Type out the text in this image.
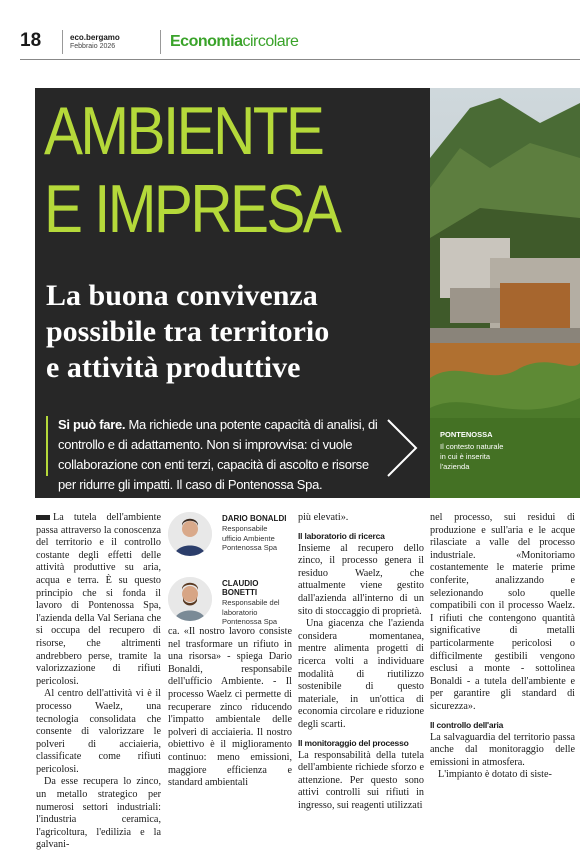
18	eco.bergamo
Febbraio 2026	Economiacircolare
AMBIENTE
E IMPRESA
La buona convivenza
possibile tra territorio
e attività produttive
Si può fare. Ma richiede una potente capacità di analisi, di controllo e di adattamento. Non si improvvisa: ci vuole collaborazione con enti terzi, capacità di ascolto e risorse per ridurre gli impatti. Il caso di Pontenossa Spa.
PONTENOSSA
Il contesto naturale in cui è inserita l'azienda

La tutela dell'ambiente passa attraverso la conoscenza del territorio e il controllo costante degli effetti delle attività produttive su aria, acqua e terra. È su questo principio che si fonda il lavoro di Pontenossa Spa, l'azienda della Val Seriana che si occupa del recupero di risorse, che altrimenti andrebbero perse, tramite la valorizzazione di rifiuti pericolosi.

Al centro dell'attività vi è il processo Waelz, una tecnologia consolidata che consente di valorizzare le polveri di acciaieria, classificate come rifiuti pericolosi.

Da esse recupera lo zinco, un metallo strategico per numerosi settori industriali: l'industria ceramica, l'agricoltura, l'edilizia e la galvani-

DARIO BONALDI
Responsabile ufficio Ambiente Pontenossa Spa
CLAUDIO
BONETTI
Responsabile del laboratorio Pontenossa Spa

ca. «Il nostro lavoro consiste nel trasformare un rifiuto in una risorsa» - spiega Dario Bonaldi, responsabile dell'ufficio Ambiente. - Il processo Waelz ci permette di recuperare zinco riducendo l'impatto ambientale delle polveri di acciaieria. Il nostro obiettivo è il miglioramento continuo: meno emissioni, maggiore efficienza e standard ambientali

più elevati».

Il laboratorio di ricerca

Insieme al recupero dello zinco, il processo genera il residuo Waelz, che attualmente viene gestito dall'azienda all'interno di un sito di stoccaggio di proprietà.

Una giacenza che l'azienda considera momentanea, mentre alimenta progetti di ricerca volti a individuare modalità di riutilizzo sostenibile di questo materiale, in un'ottica di economia circolare e riduzione degli scarti.

Il monitoraggio del processo

La responsabilità della tutela dell'ambiente richiede sforzo e attenzione. Per questo sono attivi controlli sui rifiuti in ingresso, sui reagenti utilizzati

nel processo, sui residui di produzione e sull'aria e le acque rilasciate a valle del processo industriale. «Monitoriamo costantemente le materie prime conferite, analizzando e selezionando solo quelle compatibili con il processo Waelz. I rifiuti che contengono quantità significative di metalli particolarmente pericolosi o difficilmente gestibili vengono esclusi a monte - sottolinea Bonaldi - a tutela dell'ambiente e per garantire gli standard di sicurezza».

Il controllo dell'aria

La salvaguardia del territorio passa anche dal monitoraggio delle emissioni in atmosfera.

L'impianto è dotato di siste-
